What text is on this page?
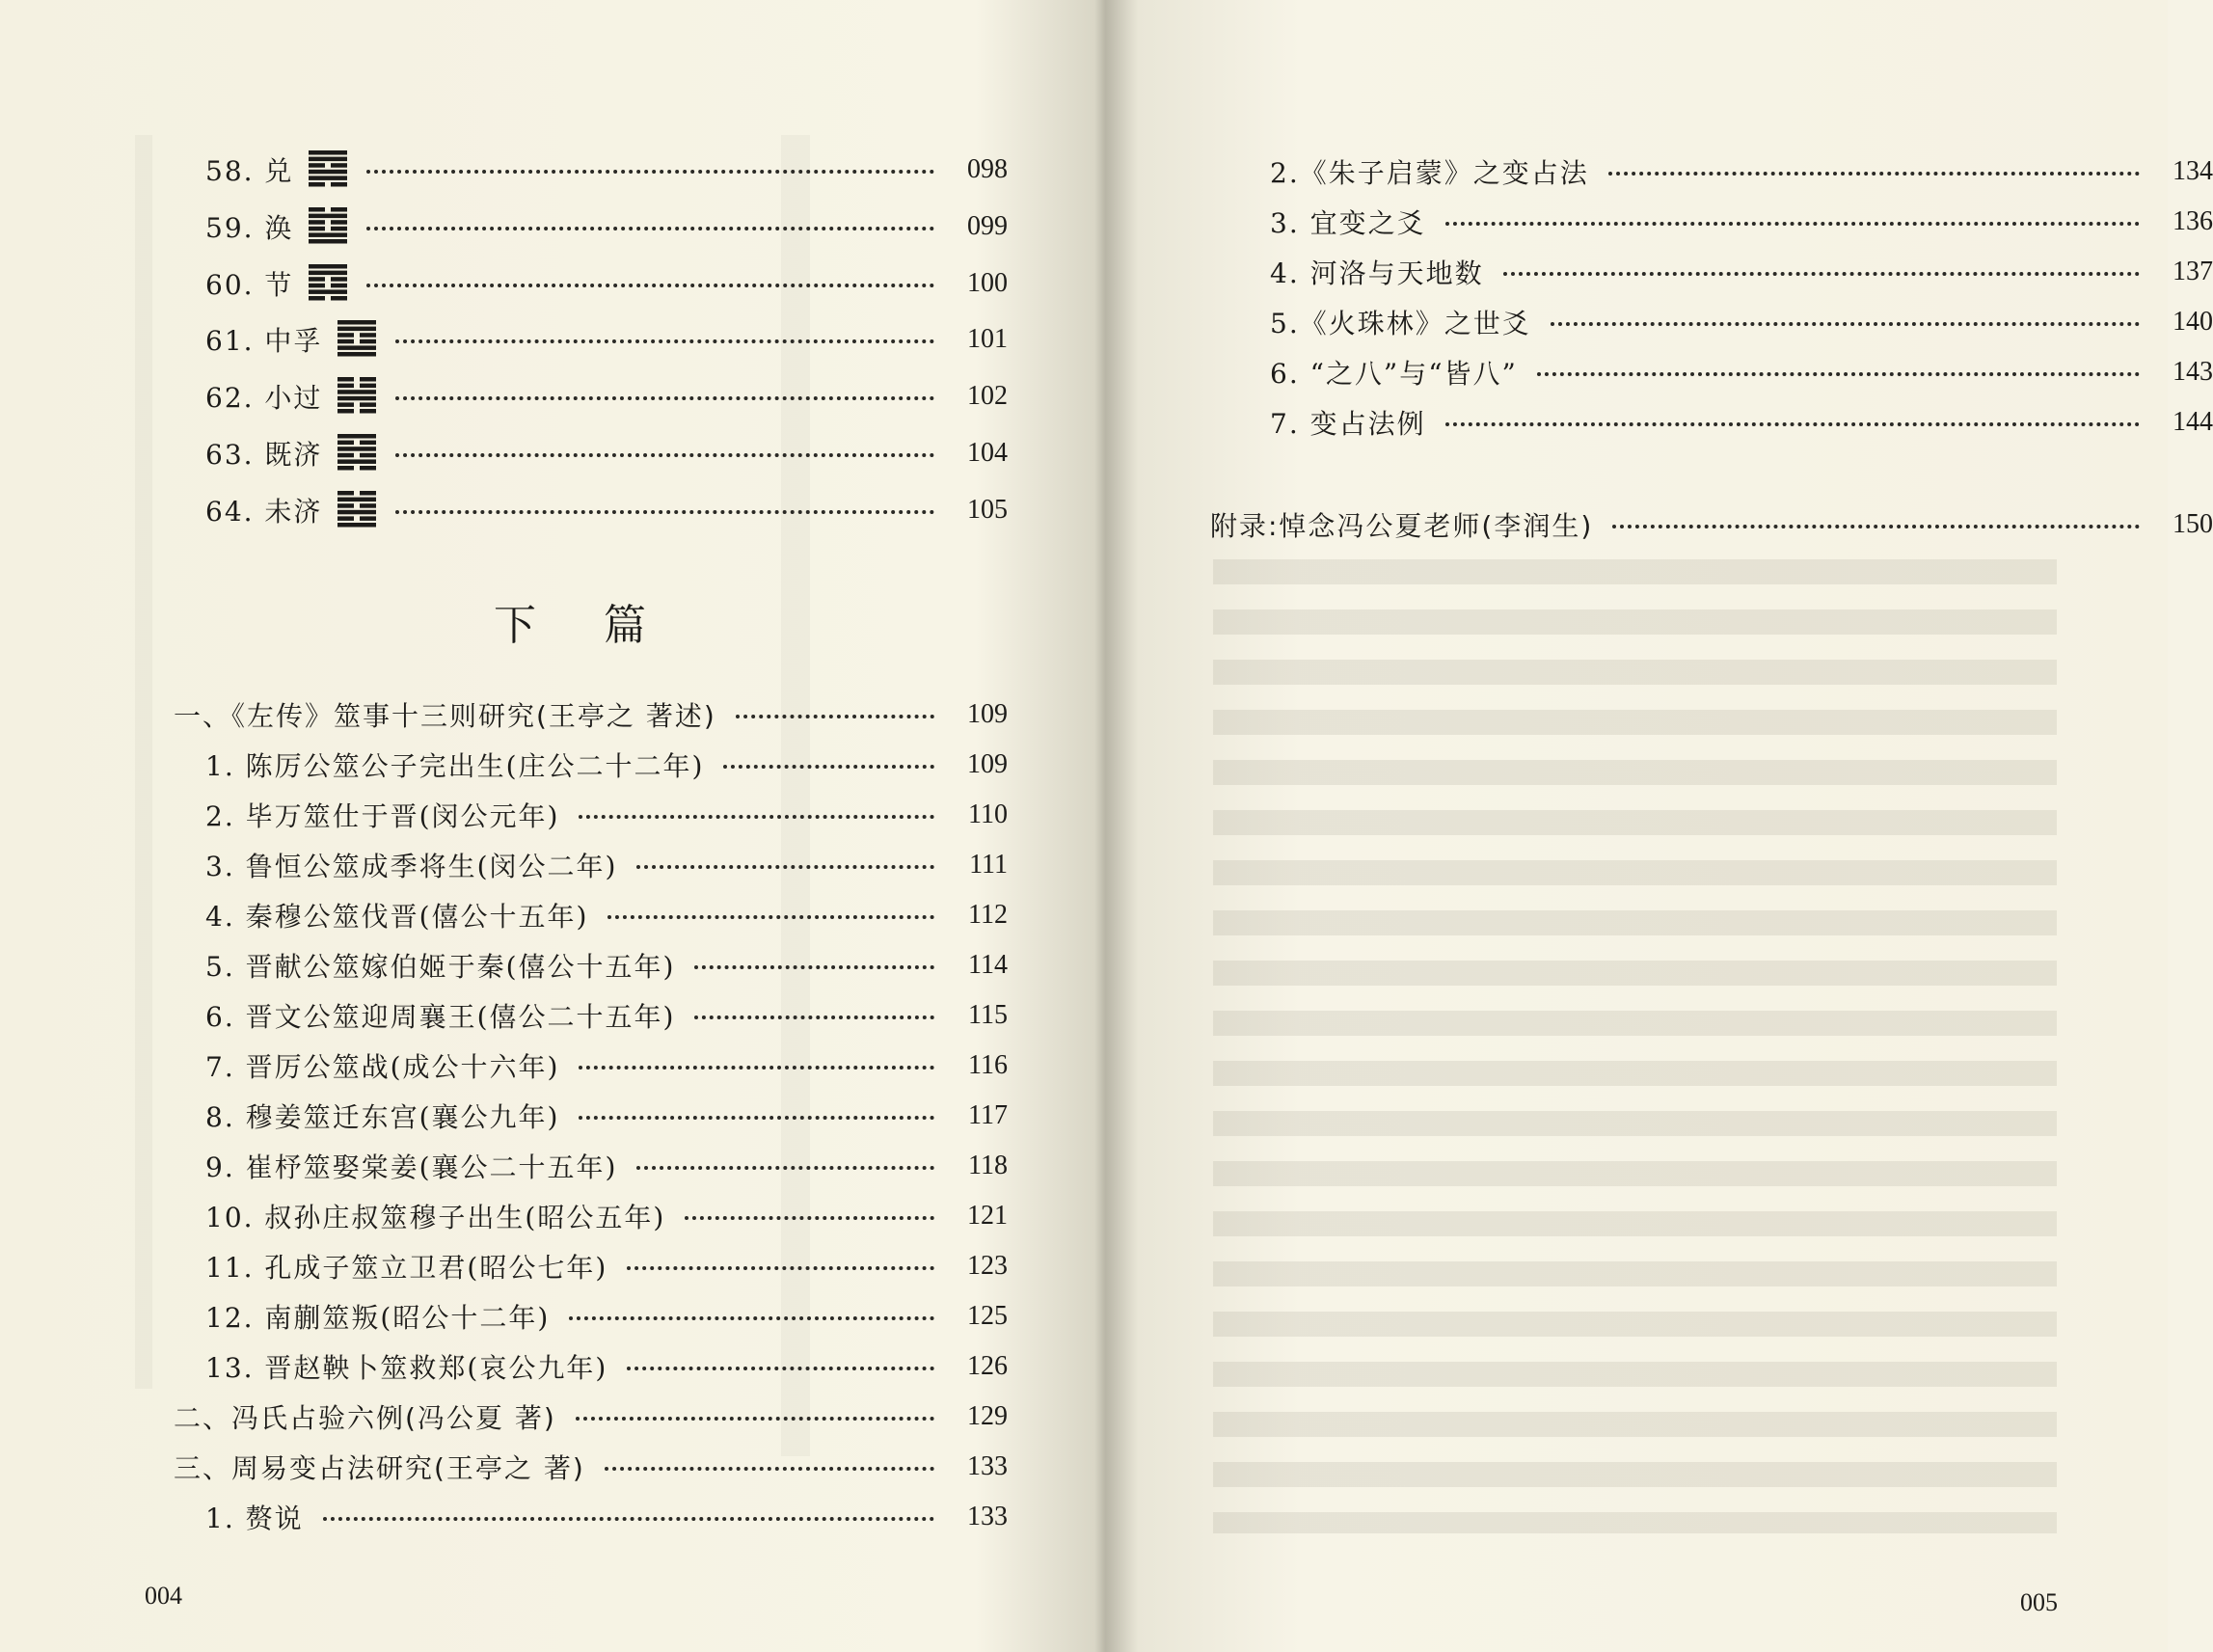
58. 兑	098
59. 涣	099
60. 节	100
61. 中孚	101
62. 小过	102
63. 既济	104
64. 未济	105
下篇
一、《左传》筮事十三则研究(王亭之 著述)	109
1. 陈厉公筮公子完出生(庄公二十二年)	109
2. 毕万筮仕于晋(闵公元年)	110
3. 鲁恒公筮成季将生(闵公二年)	111
4. 秦穆公筮伐晋(僖公十五年)	112
5. 晋献公筮嫁伯姬于秦(僖公十五年)	114
6. 晋文公筮迎周襄王(僖公二十五年)	115
7. 晋厉公筮战(成公十六年)	116
8. 穆姜筮迁东宫(襄公九年)	117
9. 崔杼筮娶棠姜(襄公二十五年)	118
10. 叔孙庄叔筮穆子出生(昭公五年)	121
11. 孔成子筮立卫君(昭公七年)	123
12. 南蒯筮叛(昭公十二年)	125
13. 晋赵鞅卜筮救郑(哀公九年)	126
二、冯氏占验六例(冯公夏 著)	129
三、周易变占法研究(王亭之 著)	133
1. 赘说	133
004
2.《朱子启蒙》之变占法	134
3. 宜变之爻	136
4. 河洛与天地数	137
5.《火珠林》之世爻	140
6. “之八”与“皆八”	143
7. 变占法例	144
附录:悼念冯公夏老师(李润生)	150
005
